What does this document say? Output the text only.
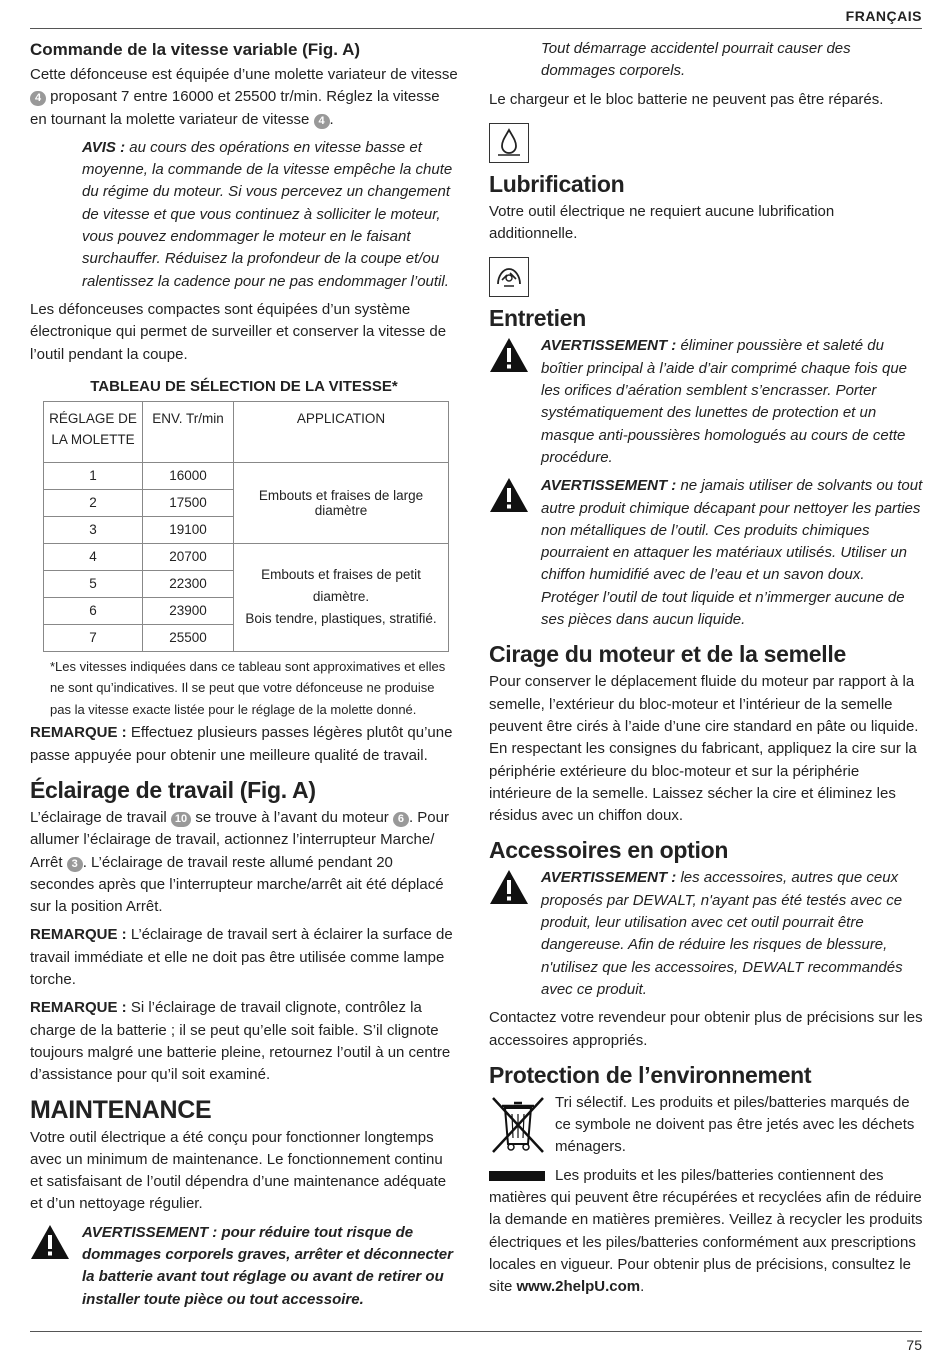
FRANÇAIS
Commande de la vitesse variable (Fig. A)

Cette défonceuse est équipée d’une molette variateur de vitesse 4 proposant 7 entre 16000 et 25500 tr/min. Réglez la vitesse en tournant la molette variateur de vitesse 4 .

AVIS : au cours des opérations en vitesse basse et moyenne, la commande de la vitesse empêche la chute du régime du moteur. Si vous percevez un changement de vitesse et que vous continuez à solliciter le moteur, vous pouvez endommager le moteur en le faisant surchauffer. Réduisez la profondeur de la coupe et/ou ralentissez la cadence pour ne pas endommager l’outil.

Les défonceuses compactes sont équipées d’un système électronique qui permet de surveiller et conserver la vitesse de l’outil pendant la coupe.

TABLEAU DE SÉLECTION DE LA VITESSE*
RÉGLAGE DE LA MOLETTE	ENV. Tr/min	APPLICATION
1	16000	Embouts et fraises de large diamètre
2	17500	
3	19100	
4	20700	Embouts et fraises de petit diamètre.
Bois tendre, plastiques, stratifié.
5	22300	
6	23900	
7	25500	
*Les vitesses indiquées dans ce tableau sont approximatives et elles ne sont qu’indicatives. Il se peut que votre défonceuse ne produise pas la vitesse exacte listée pour le réglage de la molette donné.

REMARQUE : Effectuez plusieurs passes légères plutôt qu’une passe appuyée pour obtenir une meilleure qualité de travail.

Éclairage de travail (Fig. A)

L’éclairage de travail 10 se trouve à l’avant du moteur 6 . Pour allumer l’éclairage de travail, actionnez l’interrupteur Marche/ Arrêt 3 . L’éclairage de travail reste allumé pendant 20 secondes après que l’interrupteur marche/arrêt ait été déplacé sur la position Arrêt.

REMARQUE : L’éclairage de travail sert à éclairer la surface de travail immédiate et elle ne doit pas être utilisée comme lampe torche.

REMARQUE : Si l’éclairage de travail clignote, contrôlez la charge de la batterie ; il se peut qu’elle soit faible. S’il clignote toujours malgré une batterie pleine, retournez l’outil à un centre d’assistance pour qu’il soit examiné.

MAINTENANCE

Votre outil électrique a été conçu pour fonctionner longtemps avec un minimum de maintenance. Le fonctionnement continu et satisfaisant de l’outil dépendra d’une maintenance adéquate et d’un nettoyage régulier.

AVERTISSEMENT : pour réduire tout risque de dommages corporels graves, arrêter et déconnecter la batterie avant tout réglage ou avant de retirer ou installer toute pièce ou tout accessoire.

Tout démarrage accidentel pourrait causer des dommages corporels.

Le chargeur et le bloc batterie ne peuvent pas être réparés.

Lubrification

Votre outil électrique ne requiert aucune lubrification additionnelle.

Entretien

AVERTISSEMENT : éliminer poussière et saleté du boîtier principal à l’aide d’air comprimé chaque fois que les orifices d’aération semblent s’encrasser. Porter systématiquement des lunettes de protection et un masque anti-poussières homologués au cours de cette procédure.

AVERTISSEMENT : ne jamais utiliser de solvants ou tout autre produit chimique décapant pour nettoyer les parties non métalliques de l’outil. Ces produits chimiques pourraient en attaquer les matériaux utilisés. Utiliser un chiffon humidifié avec de l’eau et un savon doux. Protéger l’outil de tout liquide et n’immerger aucune de ses pièces dans aucun liquide.

Cirage du moteur et de la semelle

Pour conserver le déplacement fluide du moteur par rapport à la semelle, l’extérieur du bloc-moteur et l’intérieur de la semelle peuvent être cirés à l’aide d’une cire standard en pâte ou liquide. En respectant les consignes du fabricant, appliquez la cire sur la périphérie extérieure du bloc-moteur et sur la périphérie intérieure de la semelle. Laissez sécher la cire et éliminez les résidus avec un chiffon doux.

Accessoires en option

AVERTISSEMENT : les accessoires, autres que ceux proposés par DEWALT, n'ayant pas été testés avec ce produit, leur utilisation avec cet outil pourrait être dangereuse. Afin de réduire les risques de blessure, n'utilisez que les accessoires, DEWALT recommandés avec ce produit.

Contactez votre revendeur pour obtenir plus de précisions sur les accessoires appropriés.

Protection de l’environnement

Tri sélectif. Les produits et piles/batteries marqués de ce symbole ne doivent pas être jetés avec les déchets ménagers.

Les produits et les piles/batteries contiennent des matières qui peuvent être récupérées et recyclées afin de réduire la demande en matières premières. Veillez à recycler les produits électriques et les piles/batteries conformément aux prescriptions locales en vigueur. Pour obtenir plus de précisions, consultez le site www.2helpU.com.

75
